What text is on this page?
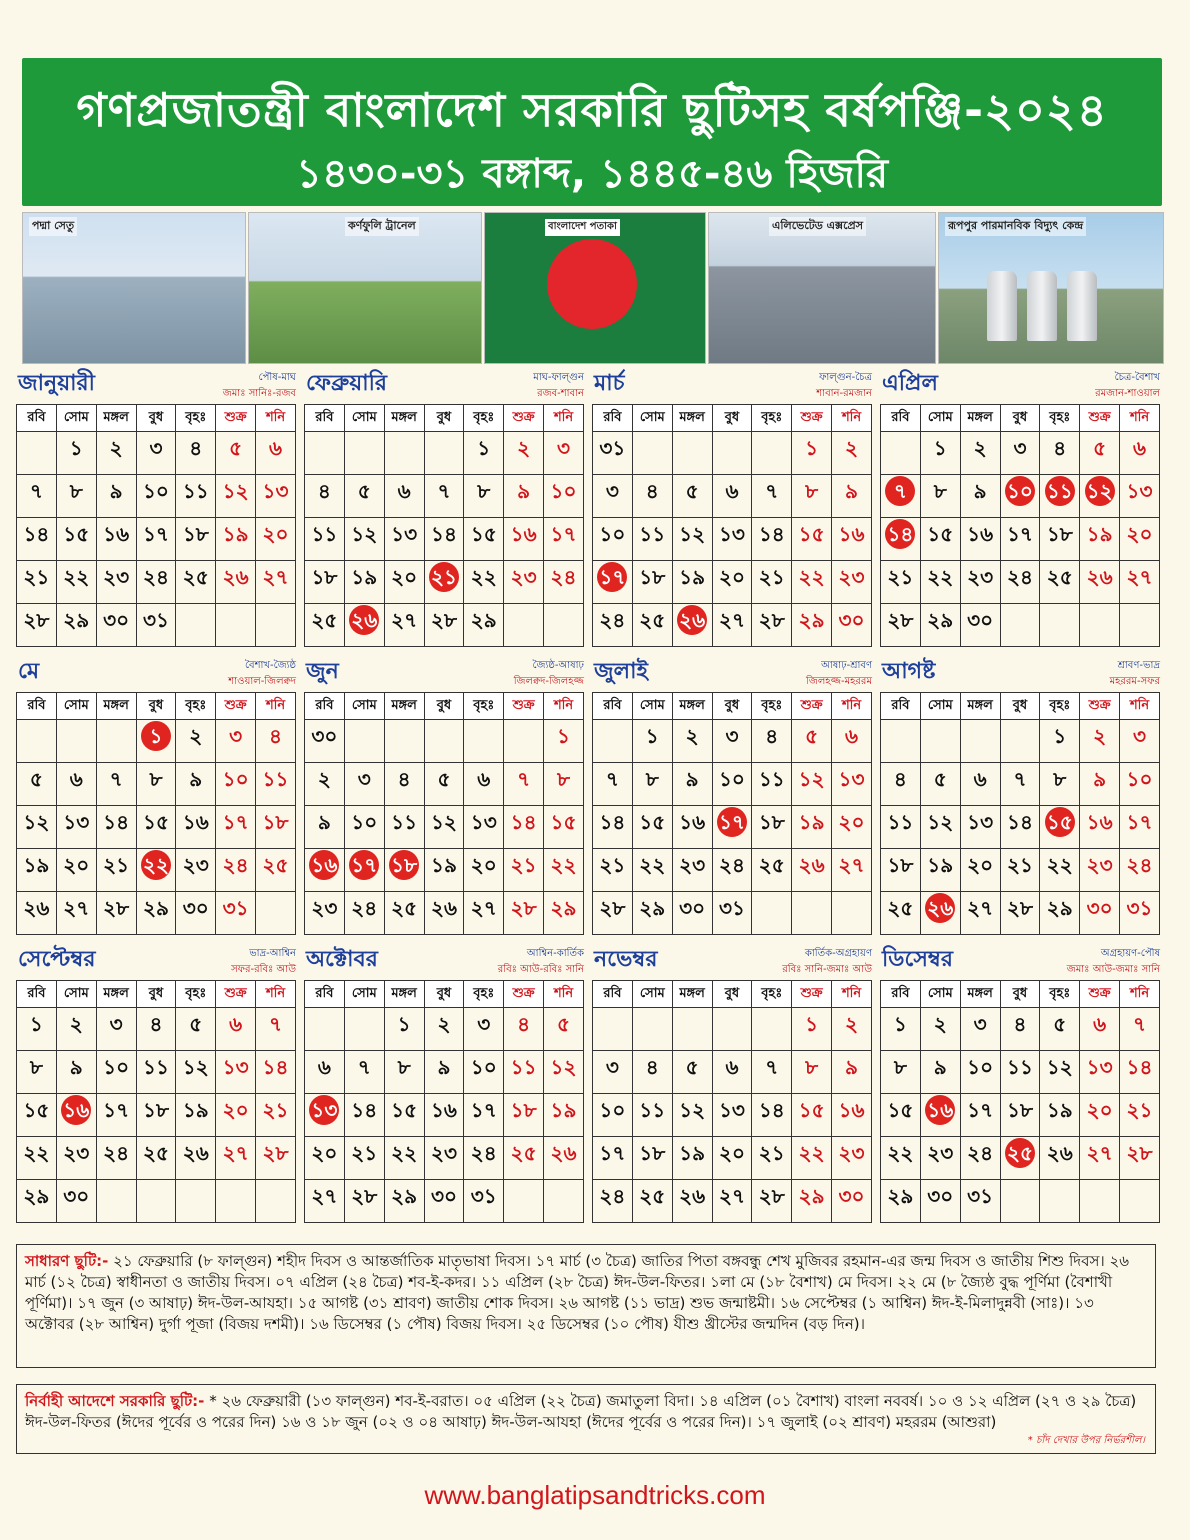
গণপ্রজাতন্ত্রী বাংলাদেশ সরকারি ছুটিসহ বর্ষপঞ্জি-২০২৪
১৪৩০-৩১ বঙ্গাব্দ, ১৪৪৫-৪৬ হিজরি
পদ্মা সেতু	কর্ণফুলি ট্রানেল	বাংলাদেশ পতাকা	এলিভেটেড এক্সপ্রেস	রূপপুর পারমানবিক বিদ্যুৎ কেন্দ্র
জানুয়ারী	পৌষ-মাঘ
জমাঃ সানিঃ-রজব
রবি	সোম	মঙ্গল	বুধ	বৃহঃ	শুক্র	শনি

	১	২	৩	৪	৫	৬

৭	৮	৯	১০	১১	১২	১৩

১৪	১৫	১৬	১৭	১৮	১৯	২০

২১	২২	২৩	২৪	২৫	২৬	২৭

২৮	২৯	৩০	৩১			

ফেব্রুয়ারি	মাঘ-ফাল্গুন
রজব-শাবান
রবি	সোম	মঙ্গল	বুধ	বৃহঃ	শুক্র	শনি

				১	২	৩

৪	৫	৬	৭	৮	৯	১০

১১	১২	১৩	১৪	১৫	১৬	১৭

১৮	১৯	২০	২১	২২	২৩	২৪

২৫	২৬	২৭	২৮	২৯		

মার্চ	ফাল্গুন-চৈত্র
শাবান-রমজান
রবি	সোম	মঙ্গল	বুধ	বৃহঃ	শুক্র	শনি

৩১					১	২

৩	৪	৫	৬	৭	৮	৯

১০	১১	১২	১৩	১৪	১৫	১৬

১৭	১৮	১৯	২০	২১	২২	২৩

২৪	২৫	২৬	২৭	২৮	২৯	৩০
এপ্রিল	চৈত্র-বৈশাখ
রমজান-শাওয়াল
রবি	সোম	মঙ্গল	বুধ	বৃহঃ	শুক্র	শনি

	১	২	৩	৪	৫	৬

৭	৮	৯	১০	১১	১২	১৩

১৪	১৫	১৬	১৭	১৮	১৯	২০

২১	২২	২৩	২৪	২৫	২৬	২৭

২৮	২৯	৩০				

মে	বৈশাখ-জ্যৈষ্ঠ
শাওয়াল-জিলক্বদ
রবি	সোম	মঙ্গল	বুধ	বৃহঃ	শুক্র	শনি
			১	২	৩	৪

৫	৬	৭	৮	৯	১০	১১

১২	১৩	১৪	১৫	১৬	১৭	১৮

১৯	২০	২১	২২	২৩	২৪	২৫

২৬	২৭	২৮	২৯	৩০	৩১	

জুন	জ্যৈষ্ঠ-আষাঢ়
জিলক্বদ-জিলহজ্জ
রবি	সোম	মঙ্গল	বুধ	বৃহঃ	শুক্র	শনি

৩০						১

২	৩	৪	৫	৬	৭	৮

৯	১০	১১	১২	১৩	১৪	১৫

১৬	১৭	১৮	১৯	২০	২১	২২

২৩	২৪	২৫	২৬	২৭	২৮	২৯
জুলাই	আষাঢ়-শ্রাবণ
জিলহজ্জ-মহররম
রবি	সোম	মঙ্গল	বুধ	বৃহঃ	শুক্র	শনি

	১	২	৩	৪	৫	৬

৭	৮	৯	১০	১১	১২	১৩

১৪	১৫	১৬	১৭	১৮	১৯	২০

২১	২২	২৩	২৪	২৫	২৬	২৭

২৮	২৯	৩০	৩১			

আগষ্ট	শ্রাবণ-ভাদ্র
মহররম-সফর
রবি	সোম	মঙ্গল	বুধ	বৃহঃ	শুক্র	শনি

				১	২	৩

৪	৫	৬	৭	৮	৯	১০

১১	১২	১৩	১৪	১৫	১৬	১৭

১৮	১৯	২০	২১	২২	২৩	২৪

২৫	২৬	২৭	২৮	২৯	৩০	৩১
সেপ্টেম্বর	ভাদ্র-আশ্বিন
সফর-রবিঃ আউ
রবি	সোম	মঙ্গল	বুধ	বৃহঃ	শুক্র	শনি

১	২	৩	৪	৫	৬	৭

৮	৯	১০	১১	১২	১৩	১৪

১৫	১৬	১৭	১৮	১৯	২০	২১

২২	২৩	২৪	২৫	২৬	২৭	২৮

২৯	৩০					

অক্টোবর	আশ্বিন-কার্তিক
রবিঃ আউ-রবিঃ সানি
রবি	সোম	মঙ্গল	বুধ	বৃহঃ	শুক্র	শনি

		১	২	৩	৪	৫

৬	৭	৮	৯	১০	১১	১২

১৩	১৪	১৫	১৬	১৭	১৮	১৯

২০	২১	২২	২৩	২৪	২৫	২৬

২৭	২৮	২৯	৩০	৩১		

নভেম্বর	কার্তিক-অগ্রহায়ণ
রবিঃ সানি-জমাঃ আউ
রবি	সোম	মঙ্গল	বুধ	বৃহঃ	শুক্র	শনি

					১	২

৩	৪	৫	৬	৭	৮	৯

১০	১১	১২	১৩	১৪	১৫	১৬

১৭	১৮	১৯	২০	২১	২২	২৩

২৪	২৫	২৬	২৭	২৮	২৯	৩০
ডিসেম্বর	অগ্রহায়ণ-পৌষ
জমাঃ আউ-জমাঃ সানি
রবি	সোম	মঙ্গল	বুধ	বৃহঃ	শুক্র	শনি

১	২	৩	৪	৫	৬	৭

৮	৯	১০	১১	১২	১৩	১৪

১৫	১৬	১৭	১৮	১৯	২০	২১

২২	২৩	২৪	২৫	২৬	২৭	২৮

২৯	৩০	৩১				

সাধারণ ছুটি:- ২১ ফেব্রুয়ারি (৮ ফাল্গুন) শহীদ দিবস ও আন্তর্জাতিক মাতৃভাষা দিবস। ১৭ মার্চ (৩ চৈত্র) জাতির পিতা বঙ্গবন্ধু শেখ মুজিবর রহমান-এর জন্ম দিবস ও জাতীয় শিশু দিবস। ২৬ মার্চ (১২ চৈত্র) স্বাধীনতা ও জাতীয় দিবস। ০৭ এপ্রিল (২৪ চৈত্র) শব-ই-কদর। ১১ এপ্রিল (২৮ চৈত্র) ঈদ-উল-ফিতর। ১লা মে (১৮ বৈশাখ) মে দিবস। ২২ মে (৮ জ্যৈষ্ঠ বুদ্ধ পূর্ণিমা (বৈশাখী পূর্ণিমা)। ১৭ জুন (৩ আষাঢ়) ঈদ-উল-আযহা। ১৫ আগষ্ট (৩১ শ্রাবণ) জাতীয় শোক দিবস। ২৬ আগষ্ট (১১ ভাদ্র) শুভ জন্মাষ্টমী। ১৬ সেপ্টেম্বর (১ আশ্বিন) ঈদ-ই-মিলাদুন্নবী (সাঃ)। ১৩ অক্টোবর (২৮ আশ্বিন) দুর্গা পূজা (বিজয় দশমী)। ১৬ ডিসেম্বর (১ পৌষ) বিজয় দিবস। ২৫ ডিসেম্বর (১০ পৌষ) যীশু খ্রীস্টের জন্মদিন (বড় দিন)।
নির্বাহী আদেশে সরকারি ছুটি:- * ২৬ ফেব্রুয়ারী (১৩ ফাল্গুন) শব-ই-বরাত। ০৫ এপ্রিল (২২ চৈত্র) জমাতুলা বিদা। ১৪ এপ্রিল (০১ বৈশাখ) বাংলা নববর্ষ। ১০ ও ১২ এপ্রিল (২৭ ও ২৯ চৈত্র) ঈদ-উল-ফিতর (ঈদের পূর্বের ও পরের দিন) ১৬ ও ১৮ জুন (০২ ও ০৪ আষাঢ়) ঈদ-উল-আযহা (ঈদের পূর্বের ও পরের দিন)। ১৭ জুলাই (০২ শ্রাবণ) মহররম (আশুরা)
* চাঁদ দেখার উপর নির্ভরশীল।
www.banglatipsandtricks.com
